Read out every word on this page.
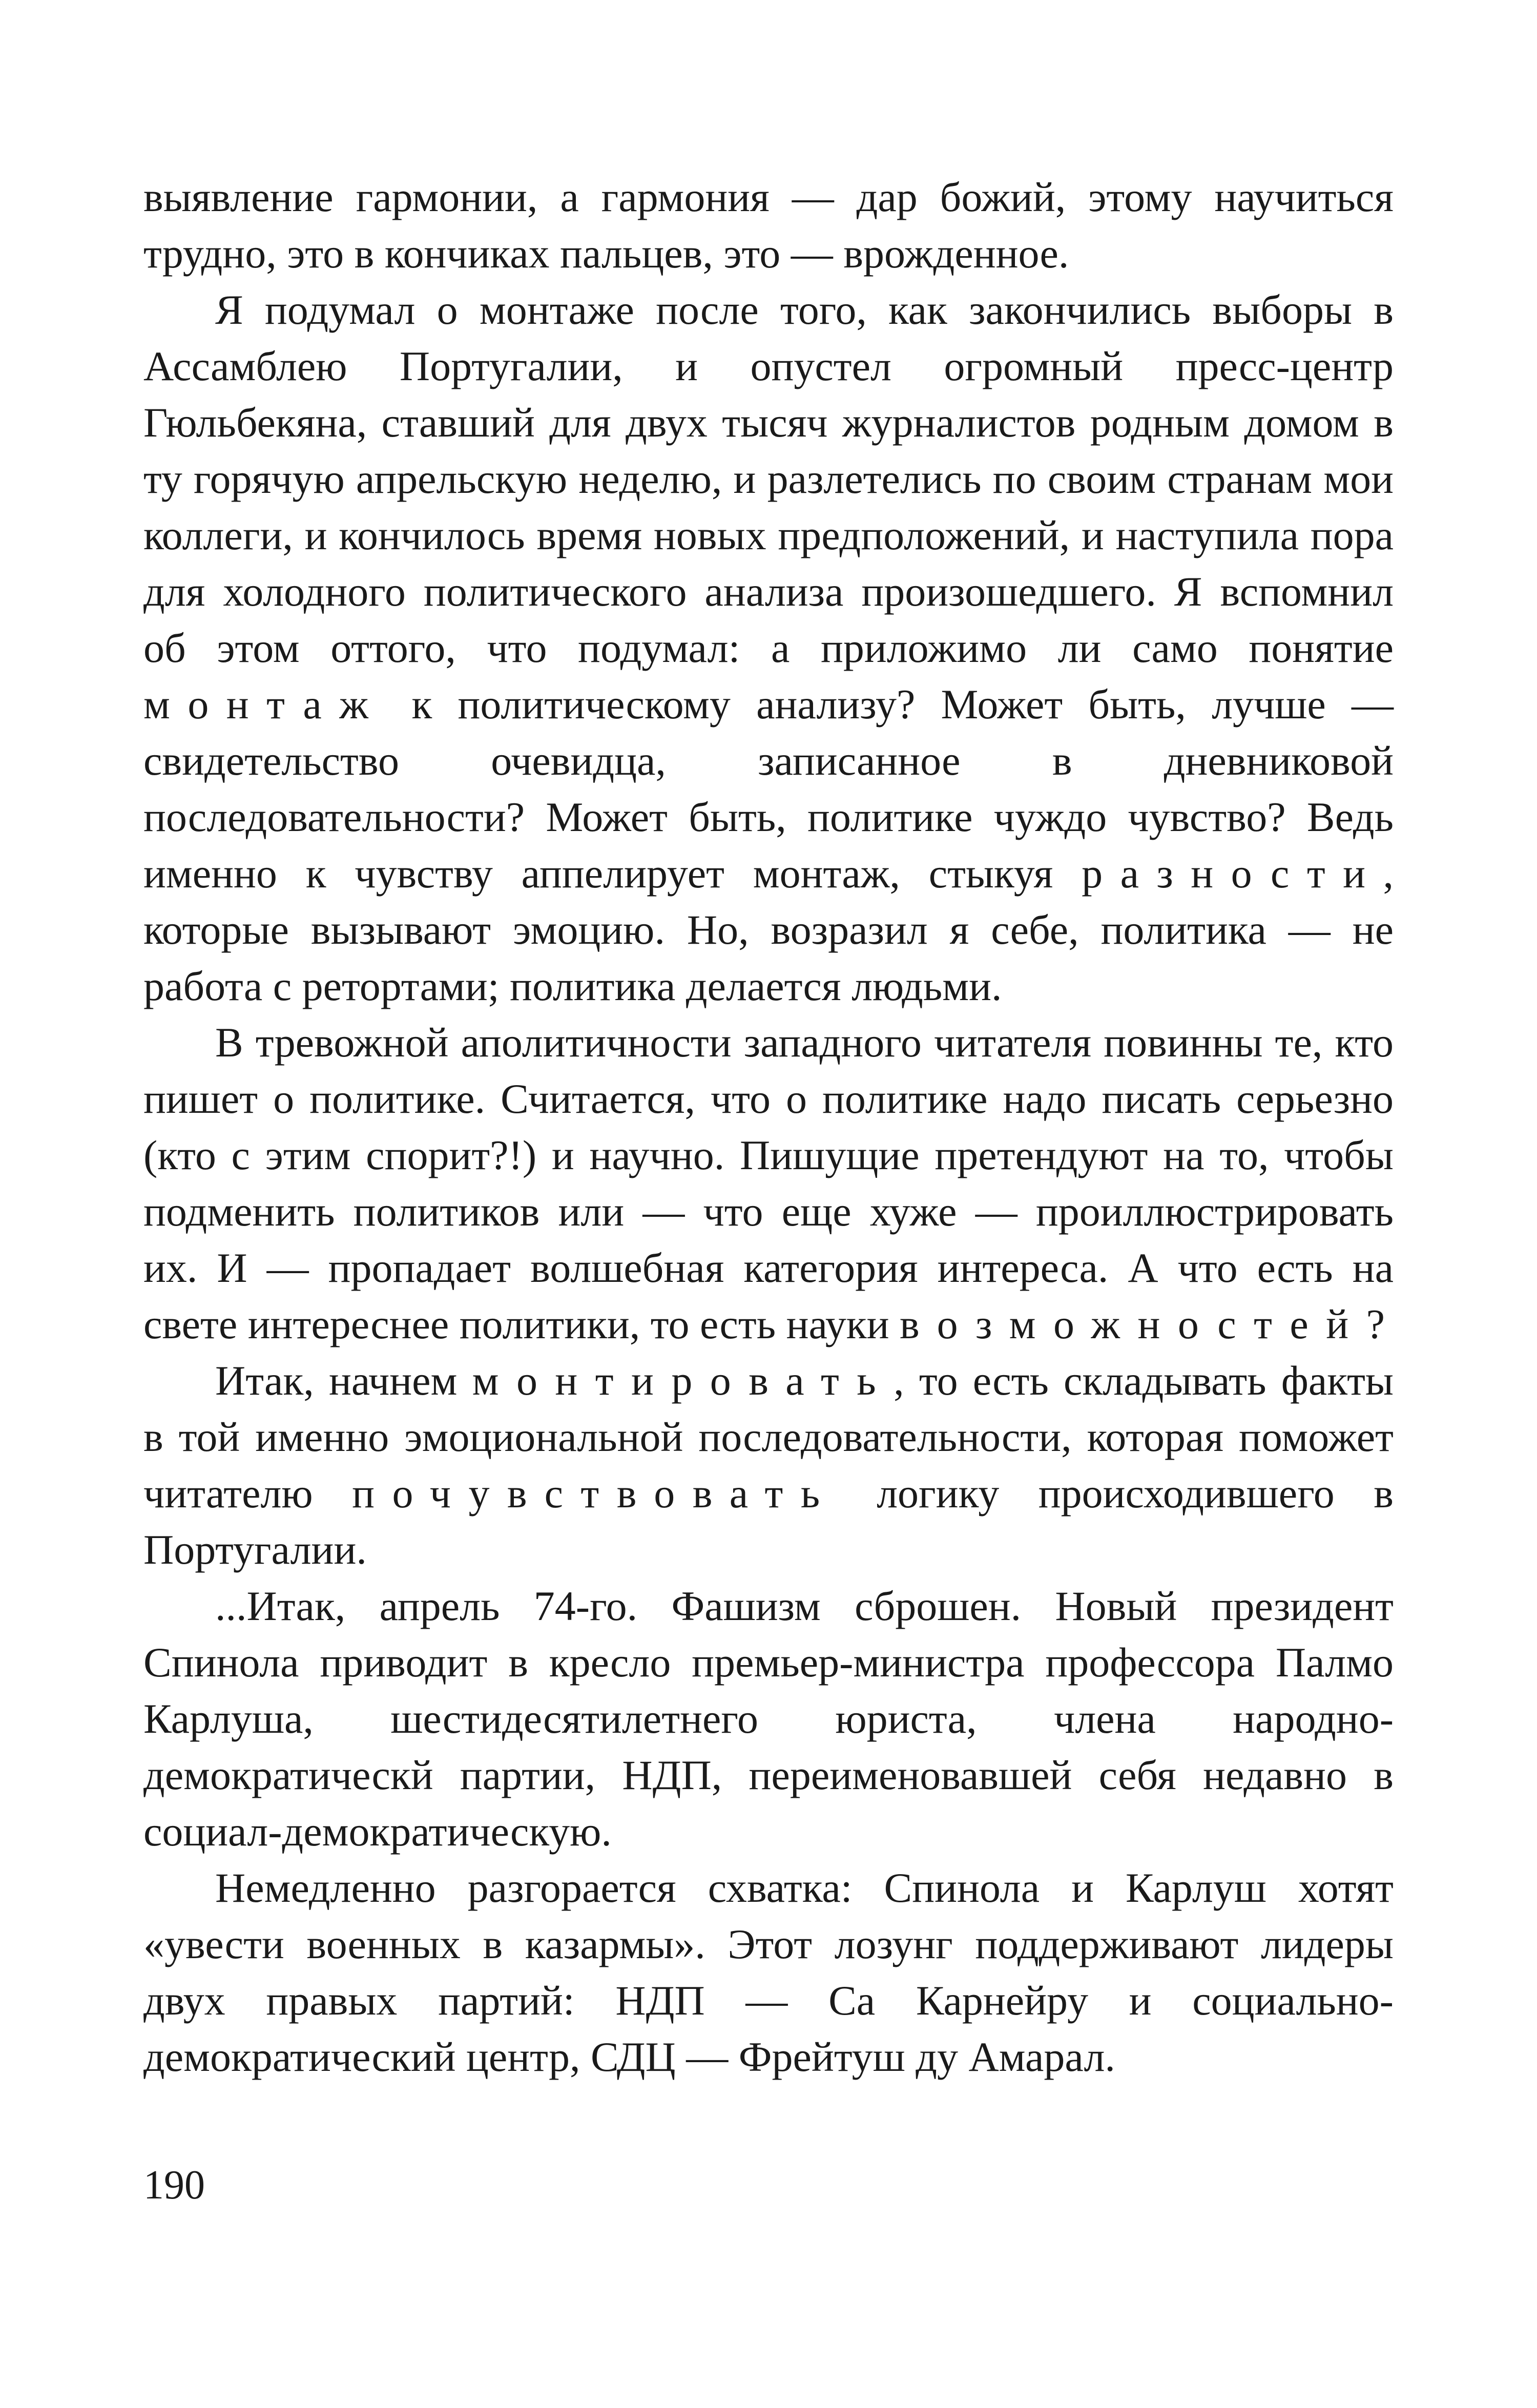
выявление гармонии, а гармония — дар божий, этому научиться трудно, это в кончиках пальцев, это — врожденное.

Я подумал о монтаже после того, как закончились выборы в Ассамблею Португалии, и опустел огромный пресс-центр Гюльбекяна, ставший для двух тысяч журналистов родным домом в ту горячую апрельскую неделю, и разлетелись по своим странам мои коллеги, и кончилось время новых предположений, и наступила пора для холодного политического анализа произошедшего. Я вспомнил об этом оттого, что подумал: а приложимо ли само понятие монтаж к политическому анализу? Может быть, лучше — свидетельство очевидца, записанное в дневниковой последовательности? Может быть, политике чуждо чувство? Ведь именно к чувству аппелирует монтаж, стыкуя разности, которые вызывают эмоцию. Но, возразил я себе, политика — не работа с ретортами; политика делается людьми.

В тревожной аполитичности западного читателя повинны те, кто пишет о политике. Считается, что о политике надо писать серьезно (кто с этим спорит?!) и научно. Пишущие претендуют на то, чтобы подменить политиков или — что еще хуже — проиллюстрировать их. И — пропадает волшебная категория интереса. А что есть на свете интереснее политики, то есть науки возможностей?

Итак, начнем монтировать, то есть складывать факты в той именно эмоциональной последовательности, которая поможет читателю почувствовать логику происходившего в Португалии.

...Итак, апрель 74-го. Фашизм сброшен. Новый президент Спинола приводит в кресло премьер-министра профессора Палмо Карлуша, шестидесятилетнего юриста, члена народно-демократическй партии, НДП, переименовавшей себя недавно в социал-демократическую.

Немедленно разгорается схватка: Спинола и Карлуш хотят «увести военных в казармы». Этот лозунг поддерживают лидеры двух правых партий: НДП — Са Карнейру и социально-демократический центр, СДЦ — Фрейтуш ду Амарал.

190
